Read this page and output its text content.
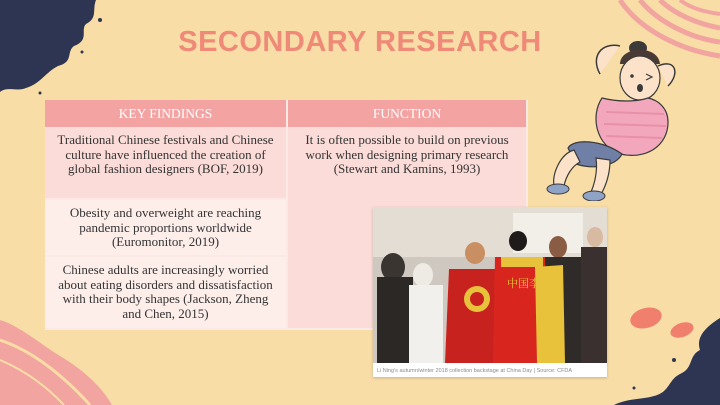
SECONDARY RESEARCH
KEY FINDINGS	FUNCTION
Traditional Chinese festivals and Chinese culture have influenced the creation of global fashion designers (BOF, 2019)	It is often possible to build on previous work when designing primary research (Stewart and Kamins, 1993)
Obesity and overweight are reaching pandemic proportions worldwide (Euromonitor, 2019)	
Chinese adults are increasingly worried about eating disorders and dissatisfaction with their body shapes (Jackson, Zheng and Chen, 2015)	
中国李宁
Li Ning's autumn/winter 2018 collection backstage at China Day | Source: CFDA
